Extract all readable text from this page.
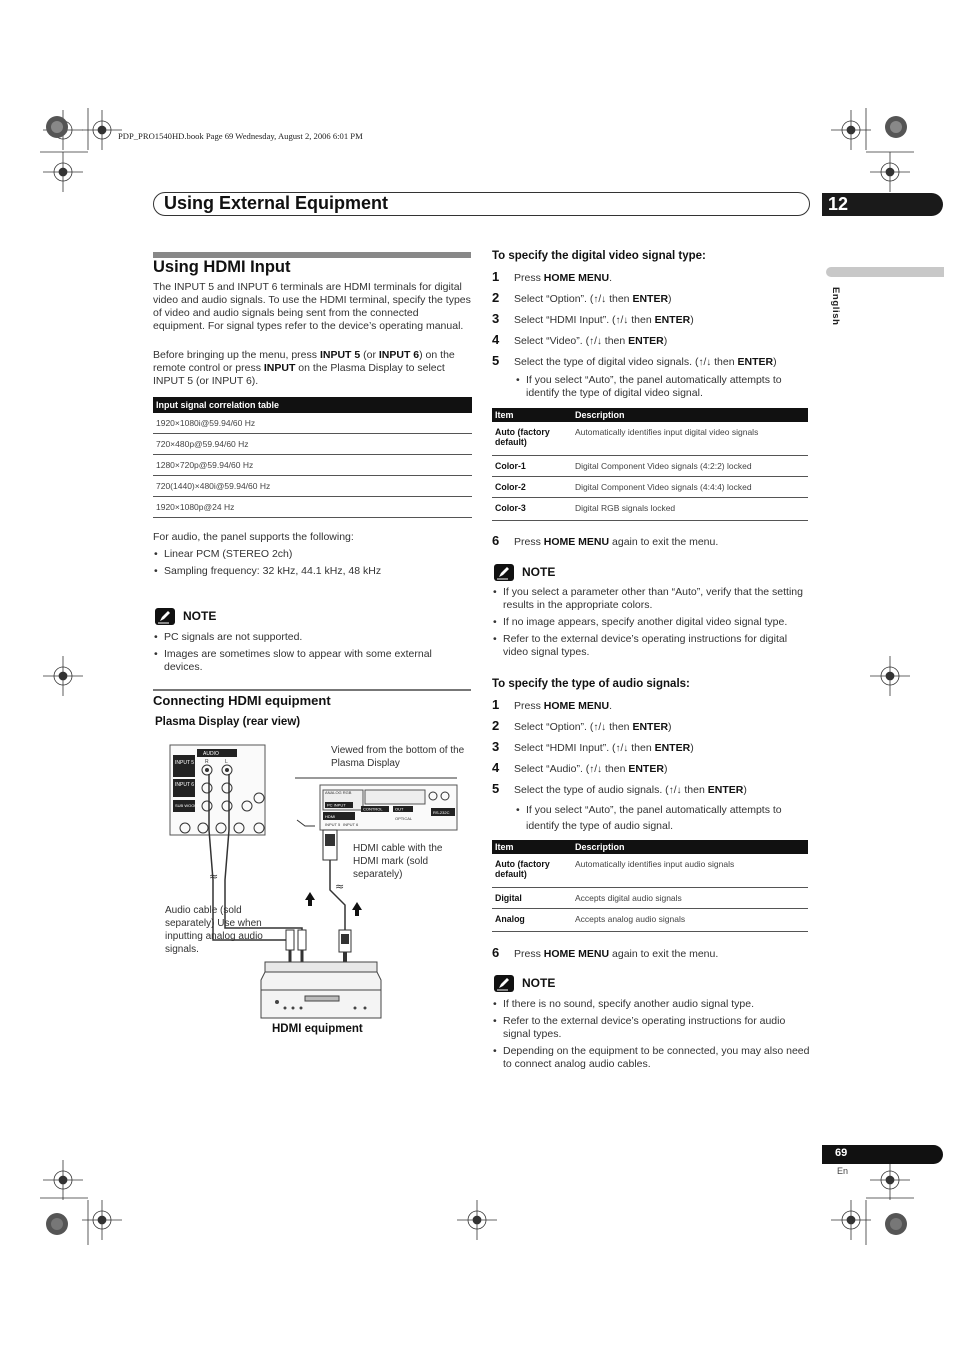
PDP_PRO1540HD.book Page 69 Wednesday, August 2, 2006 6:01 PM
Using External Equipment	12
English
Using HDMI Input
The INPUT 5 and INPUT 6 terminals are HDMI terminals for digital video and audio signals. To use the HDMI terminal, specify the types of video and audio signals being sent from the connected equipment. For signal types refer to the device’s operating manual.
Before bringing up the menu, press INPUT 5 (or INPUT 6) on the remote control or press INPUT on the Plasma Display to select INPUT 5 (or INPUT 6).
Input signal correlation table
1920×1080i@59.94/60 Hz
720×480p@59.94/60 Hz
1280×720p@59.94/60 Hz
720(1440)×480i@59.94/60 Hz
1920×1080p@24 Hz
For audio, the panel supports the following:
• Linear PCM (STEREO 2ch)
• Sampling frequency: 32 kHz, 44.1 kHz, 48 kHz
NOTE
• PC signals are not supported.
• Images are sometimes slow to appear with some external devices.
Connecting HDMI equipment
Plasma Display (rear view)
INPUT 5
INPUT 6
SUB WOOFER
AUDIO
R	L
≈
ANALOG RGB
PC INPUT
HDMI
CONTROL	OUT
OPTICAL
RS-232C
INPUT 5 INPUT 6
≈
Viewed from the bottom of the Plasma Display
HDMI cable with the HDMI mark (sold separately)
Audio cable (sold separately) Use when inputting analog audio signals.
HDMI equipment
To specify the digital video signal type:
1 Press HOME MENU.
2 Select “Option”. (↑/↓ then ENTER)
3 Select “HDMI Input”. (↑/↓ then ENTER)
4 Select “Video”. (↑/↓ then ENTER)
5 Select the type of digital video signals. (↑/↓ then ENTER)
• If you select “Auto”, the panel automatically attempts to identify the type of digital video signal.
Item	Description
Auto (factory default)	Automatically identifies input digital video signals
Color-1	Digital Component Video signals (4:2:2) locked
Color-2	Digital Component Video signals (4:4:4) locked
Color-3	Digital RGB signals locked
6 Press HOME MENU again to exit the menu.
NOTE
• If you select a parameter other than “Auto”, verify that the setting results in the appropriate colors.
• If no image appears, specify another digital video signal type.
• Refer to the external device’s operating instructions for digital video signal types.
To specify the type of audio signals:
1 Press HOME MENU.
2 Select “Option”. (↑/↓ then ENTER)
3 Select “HDMI Input”. (↑/↓ then ENTER)
4 Select “Audio”. (↑/↓ then ENTER)
5 Select the type of audio signals. (↑/↓ then ENTER)
• If you select “Auto”, the panel automatically attempts to identify the type of audio signal.
Item	Description
Auto (factory default)	Automatically identifies input audio signals
Digital	Accepts digital audio signals
Analog	Accepts analog audio signals
6 Press HOME MENU again to exit the menu.
NOTE
• If there is no sound, specify another audio signal type.
• Refer to the external device’s operating instructions for audio signal types.
• Depending on the equipment to be connected, you may also need to connect analog audio cables.
69
En
